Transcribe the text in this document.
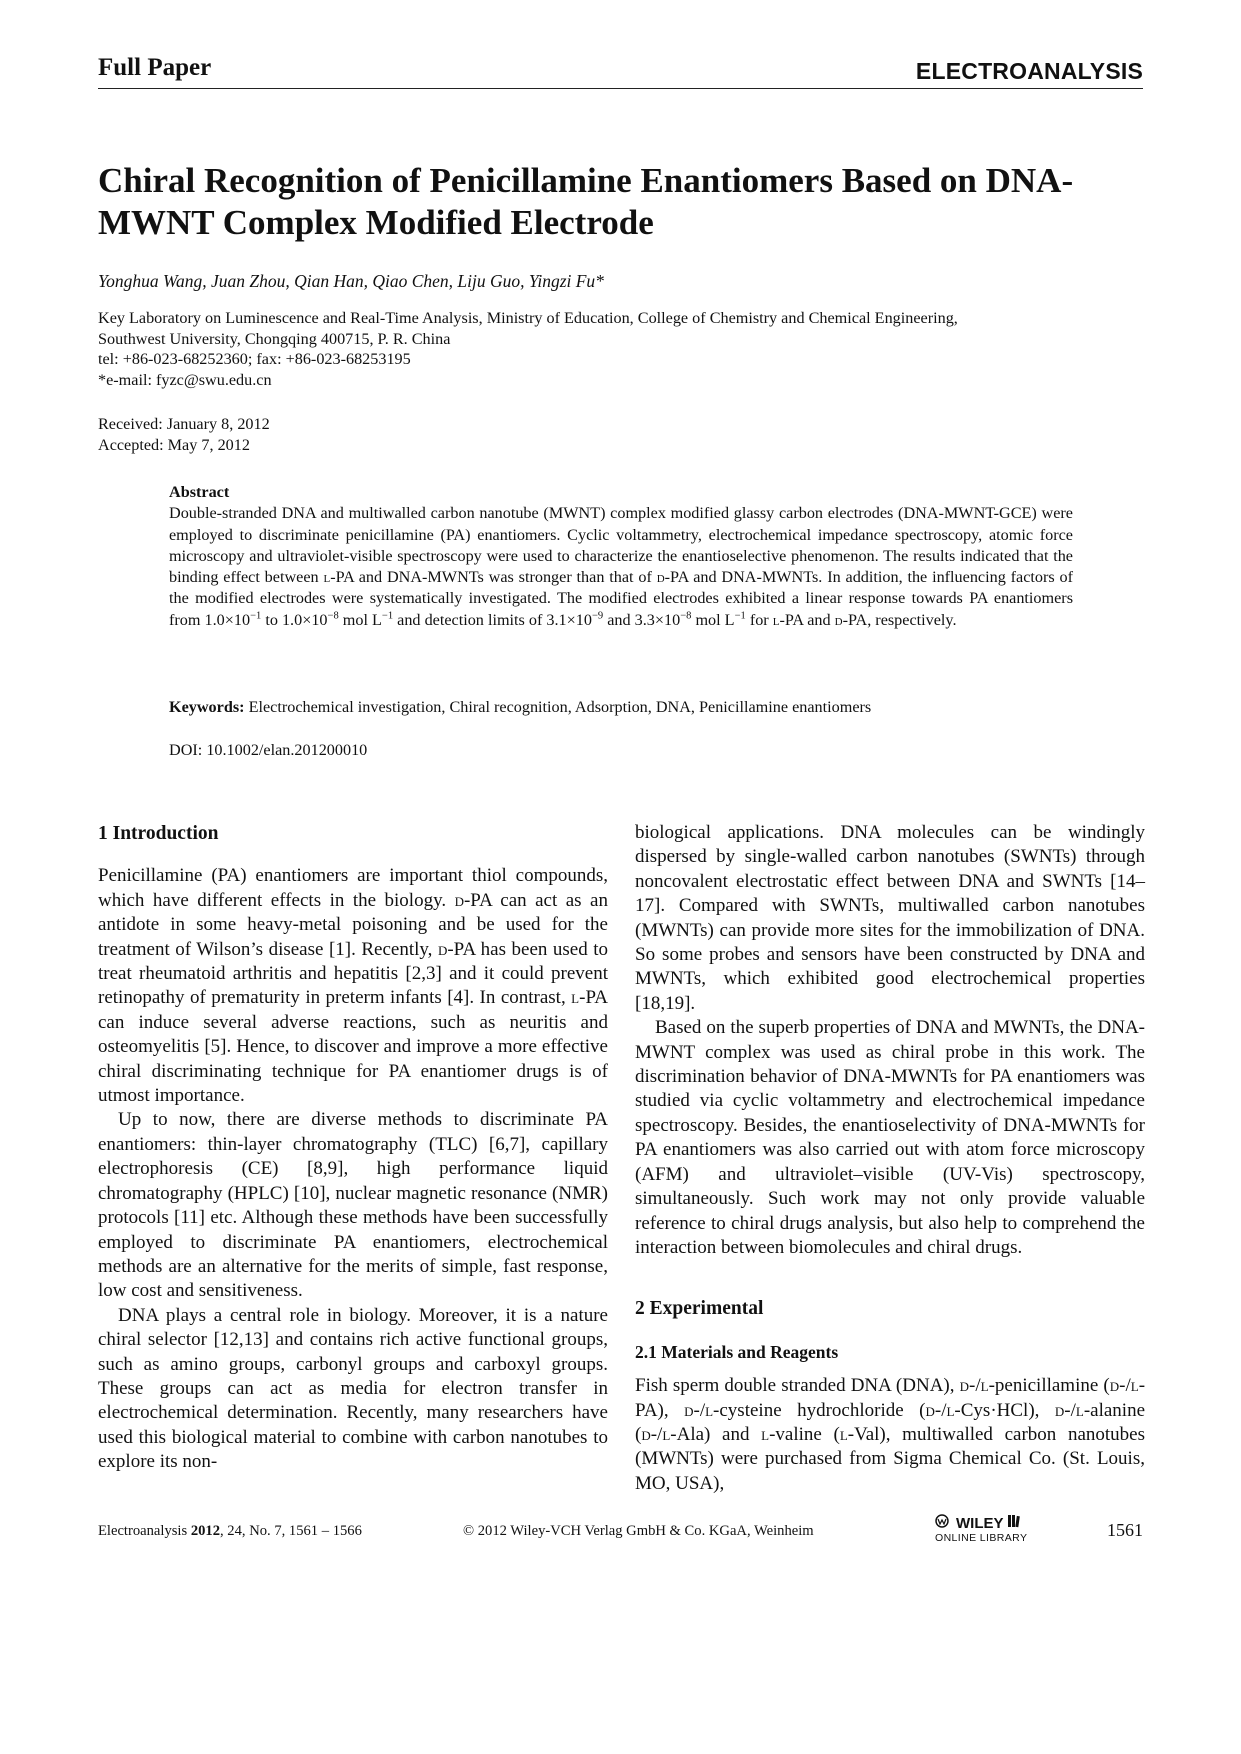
Full Paper	ELECTROANALYSIS
Chiral Recognition of Penicillamine Enantiomers Based on DNA-MWNT Complex Modified Electrode
Yonghua Wang, Juan Zhou, Qian Han, Qiao Chen, Liju Guo, Yingzi Fu*
Key Laboratory on Luminescence and Real-Time Analysis, Ministry of Education, College of Chemistry and Chemical Engineering,
Southwest University, Chongqing 400715, P. R. China
tel: +86-023-68252360; fax: +86-023-68253195
*e-mail: fyzc@swu.edu.cn
Received: January 8, 2012
Accepted: May 7, 2012
Abstract
Double-stranded DNA and multiwalled carbon nanotube (MWNT) complex modified glassy carbon electrodes (DNA-MWNT-GCE) were employed to discriminate penicillamine (PA) enantiomers. Cyclic voltammetry, electrochemical impedance spectroscopy, atomic force microscopy and ultraviolet-visible spectroscopy were used to characterize the enantioselective phenomenon. The results indicated that the binding effect between l-PA and DNA-MWNTs was stronger than that of d-PA and DNA-MWNTs. In addition, the influencing factors of the modified electrodes were systematically investigated. The modified electrodes exhibited a linear response towards PA enantiomers from $1.0\times 10^{-1}$ to $1.0\times 10^{-8}$ mol $L^{-1}$ and detection limits of $3.1\times 10^{-9}$ and $3.3\times 10^{-8}$ mol $L^{-1}$ for l-PA and d-PA, respectively.
Keywords: Electrochemical investigation, Chiral recognition, Adsorption, DNA, Penicillamine enantiomers
DOI: 10.1002/elan.201200010
1 Introduction

Penicillamine (PA) enantiomers are important thiol compounds, which have different effects in the biology. d-PA can act as an antidote in some heavy-metal poisoning and be used for the treatment of Wilson’s disease [1]. Recently, d-PA has been used to treat rheumatoid arthritis and hepatitis [2,3] and it could prevent retinopathy of prematurity in preterm infants [4]. In contrast, l-PA can induce several adverse reactions, such as neuritis and osteomyelitis [5]. Hence, to discover and improve a more effective chiral discriminating technique for PA enantiomer drugs is of utmost importance.

Up to now, there are diverse methods to discriminate PA enantiomers: thin-layer chromatography (TLC) [6,7], capillary electrophoresis (CE) [8,9], high performance liquid chromatography (HPLC) [10], nuclear magnetic resonance (NMR) protocols [11] etc. Although these methods have been successfully employed to discriminate PA enantiomers, electrochemical methods are an alternative for the merits of simple, fast response, low cost and sensitiveness.

DNA plays a central role in biology. Moreover, it is a nature chiral selector [12,13] and contains rich active functional groups, such as amino groups, carbonyl groups and carboxyl groups. These groups can act as media for electron transfer in electrochemical determination. Recently, many researchers have used this biological material to combine with carbon nanotubes to explore its non-

biological applications. DNA molecules can be windingly dispersed by single-walled carbon nanotubes (SWNTs) through noncovalent electrostatic effect between DNA and SWNTs [14–17]. Compared with SWNTs, multiwalled carbon nanotubes (MWNTs) can provide more sites for the immobilization of DNA. So some probes and sensors have been constructed by DNA and MWNTs, which exhibited good electrochemical properties [18,19].

Based on the superb properties of DNA and MWNTs, the DNA-MWNT complex was used as chiral probe in this work. The discrimination behavior of DNA-MWNTs for PA enantiomers was studied via cyclic voltammetry and electrochemical impedance spectroscopy. Besides, the enantioselectivity of DNA-MWNTs for PA enantiomers was also carried out with atom force microscopy (AFM) and ultraviolet–visible (UV-Vis) spectroscopy, simultaneously. Such work may not only provide valuable reference to chiral drugs analysis, but also help to comprehend the interaction between biomolecules and chiral drugs.

2 Experimental
2.1 Materials and Reagents

Fish sperm double stranded DNA (DNA), d-/l-penicillamine (d-/l-PA), d-/l-cysteine hydrochloride (d-/l-Cys·HCl), d-/l-alanine (d-/l-Ala) and l-valine (l-Val), multiwalled carbon nanotubes (MWNTs) were purchased from Sigma Chemical Co. (St. Louis, MO, USA),

Electroanalysis 2012, 24, No. 7, 1561 – 1566	© 2012 Wiley-VCH Verlag GmbH & Co. KGaA, Weinheim	WILEY
ONLINE LIBRARY	1561
